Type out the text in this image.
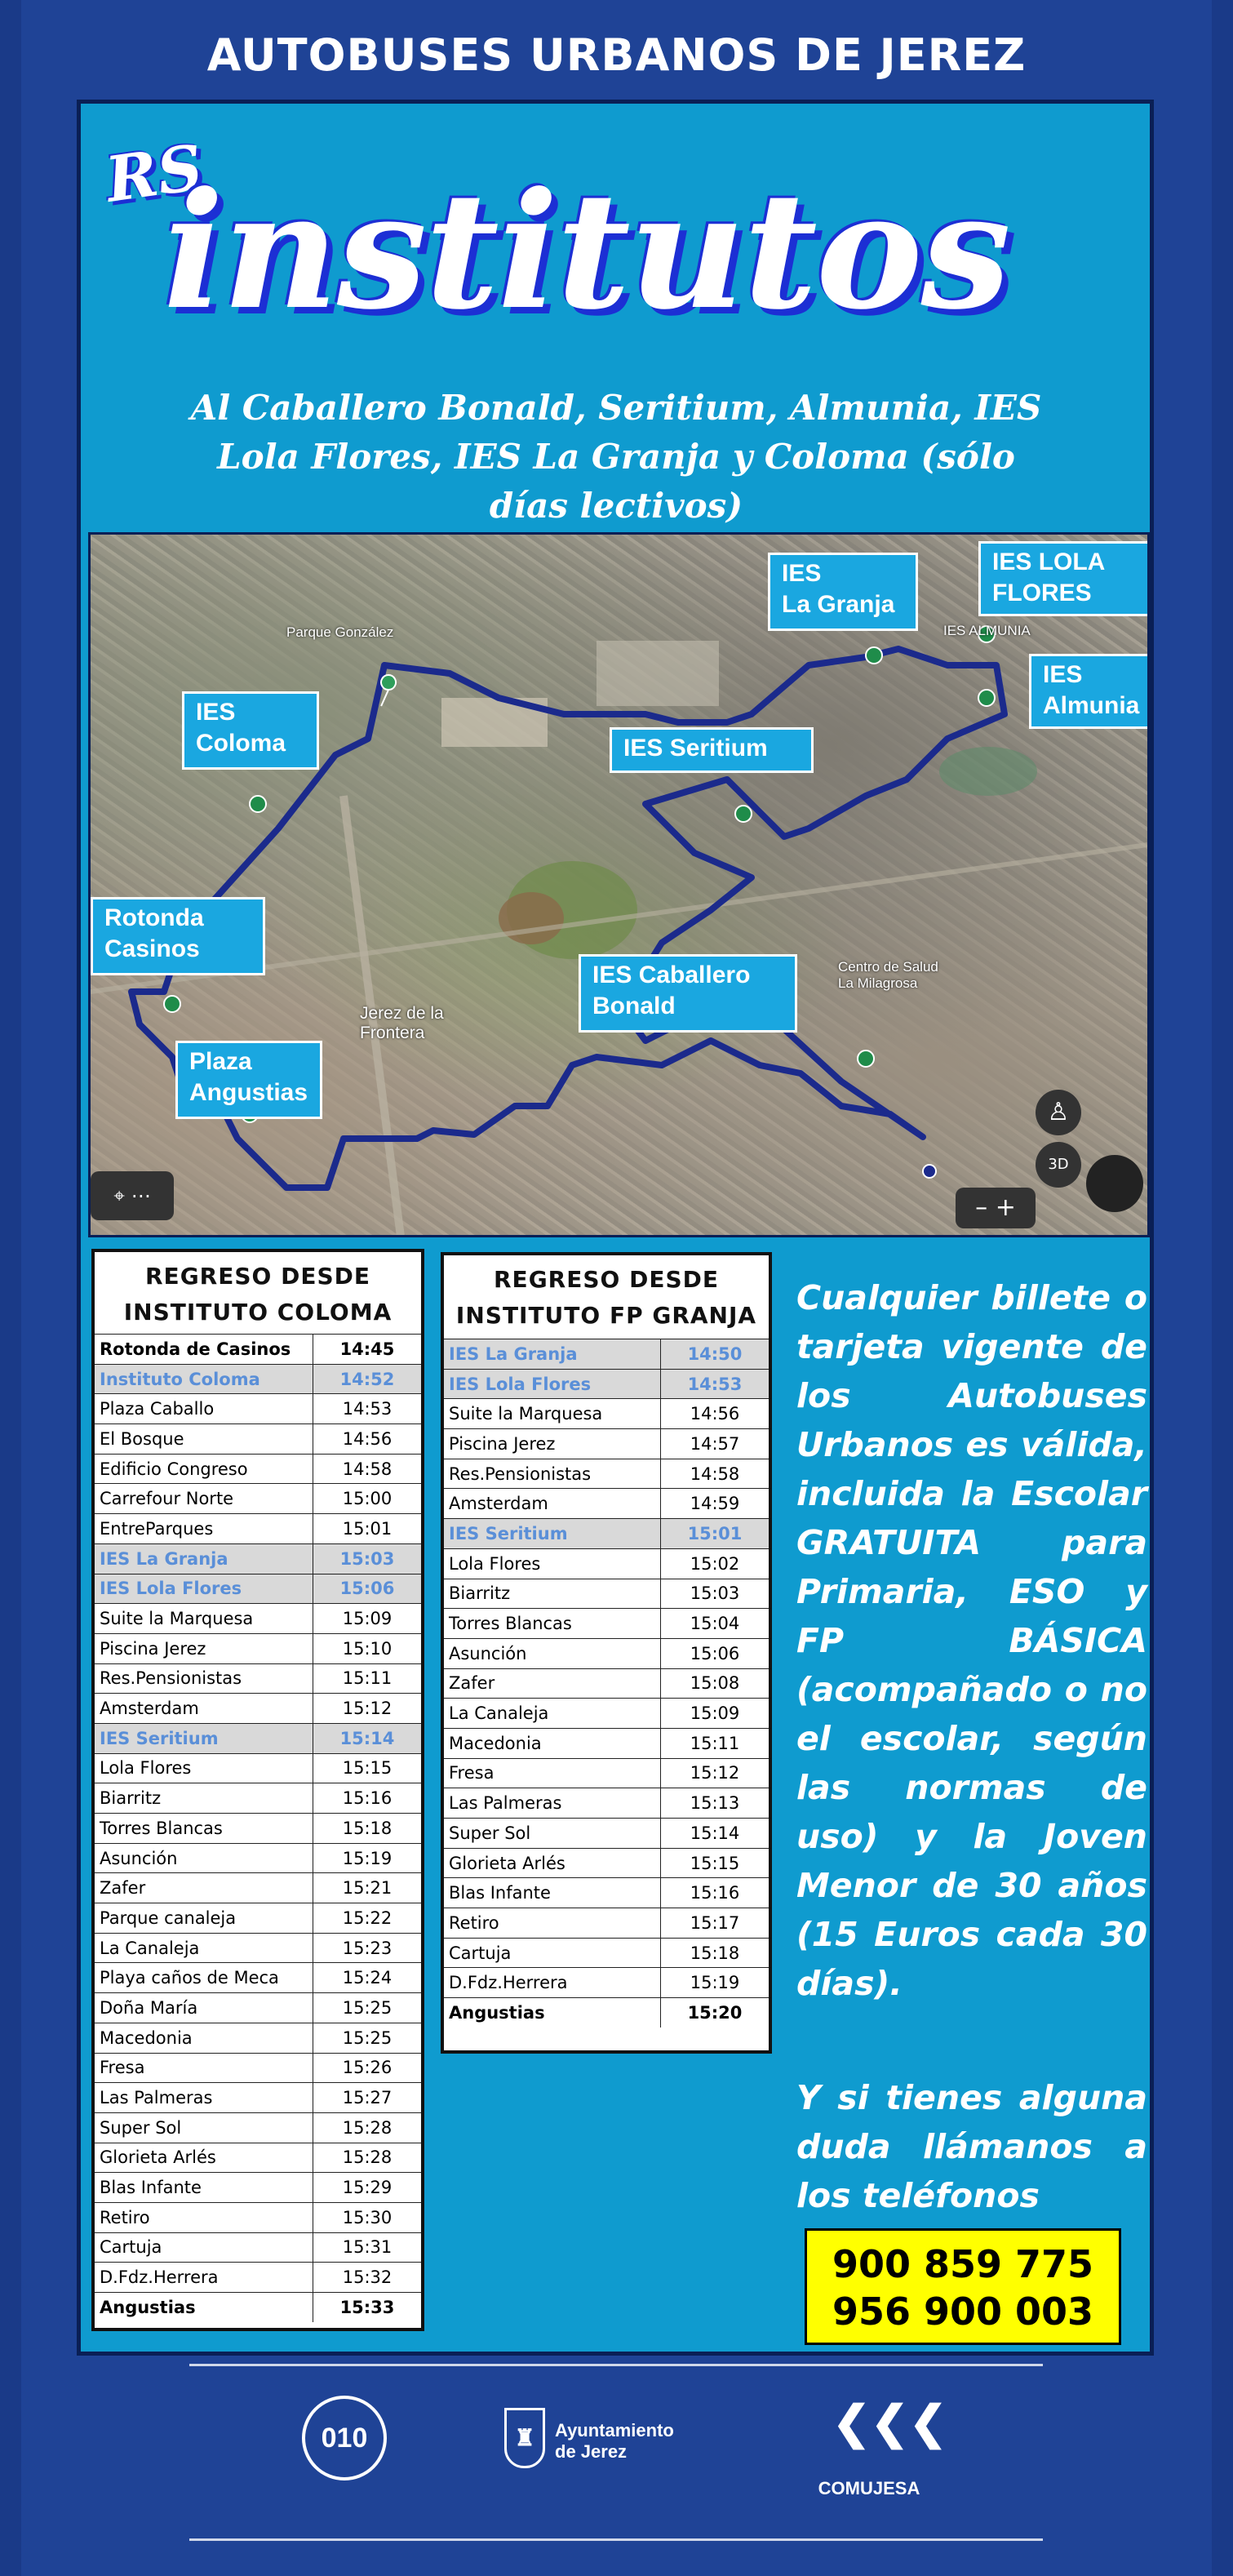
AUTOBUSES URBANOS DE JEREZ
RS
institutos
Al Caballero Bonald, Seritium, Almunia, IES
Lola Flores, IES La Granja y Coloma (sólo
días lectivos)
Parque González	IES ALMUNIA
Jerez de la
Frontera
Centro de Salud
La Milagrosa
IES
La Granja
IES LOLA
FLORES
IES
Almunia
IES
Coloma	IES Seritium
Rotonda
Casinos
IES Caballero
Bonald
Plaza
Angustias
⌖ ⋯
♙
3D
– +
REGRESO DESDE
INSTITUTO COLOMA
Rotonda de Casinos	14:45
Instituto Coloma	14:52
Plaza Caballo	14:53
El Bosque	14:56
Edificio Congreso	14:58
Carrefour Norte	15:00
EntreParques	15:01
IES La Granja	15:03
IES Lola Flores	15:06
Suite la Marquesa	15:09
Piscina Jerez	15:10
Res.Pensionistas	15:11
Amsterdam	15:12
IES Seritium	15:14
Lola Flores	15:15
Biarritz	15:16
Torres Blancas	15:18
Asunción	15:19
Zafer	15:21
Parque canaleja	15:22
La Canaleja	15:23
Playa caños de Meca	15:24
Doña María	15:25
Macedonia	15:25
Fresa	15:26
Las Palmeras	15:27
Super Sol	15:28
Glorieta Arlés	15:28
Blas Infante	15:29
Retiro	15:30
Cartuja	15:31
D.Fdz.Herrera	15:32
Angustias	15:33
REGRESO DESDE
INSTITUTO FP GRANJA
IES La Granja	14:50
IES Lola Flores	14:53
Suite la Marquesa	14:56
Piscina Jerez	14:57
Res.Pensionistas	14:58
Amsterdam	14:59
IES Seritium	15:01
Lola Flores	15:02
Biarritz	15:03
Torres Blancas	15:04
Asunción	15:06
Zafer	15:08
La Canaleja	15:09
Macedonia	15:11
Fresa	15:12
Las Palmeras	15:13
Super Sol	15:14
Glorieta Arlés	15:15
Blas Infante	15:16
Retiro	15:17
Cartuja	15:18
D.Fdz.Herrera	15:19
Angustias	15:20
Cualquier billete o tarjeta vigente de los Autobuses Urbanos es válida, incluida la Escolar GRATUITA para Primaria, ESO y FP BÁSICA (acompañado o no el escolar, según las normas de uso) y la Joven Menor de 30 años (15 Euros cada 30 días).
Y si tienes alguna duda llámanos a los teléfonos
900 859 775
956 900 003
010	♜	Ayuntamiento
de Jerez
❮❮❮
COMUJESA
